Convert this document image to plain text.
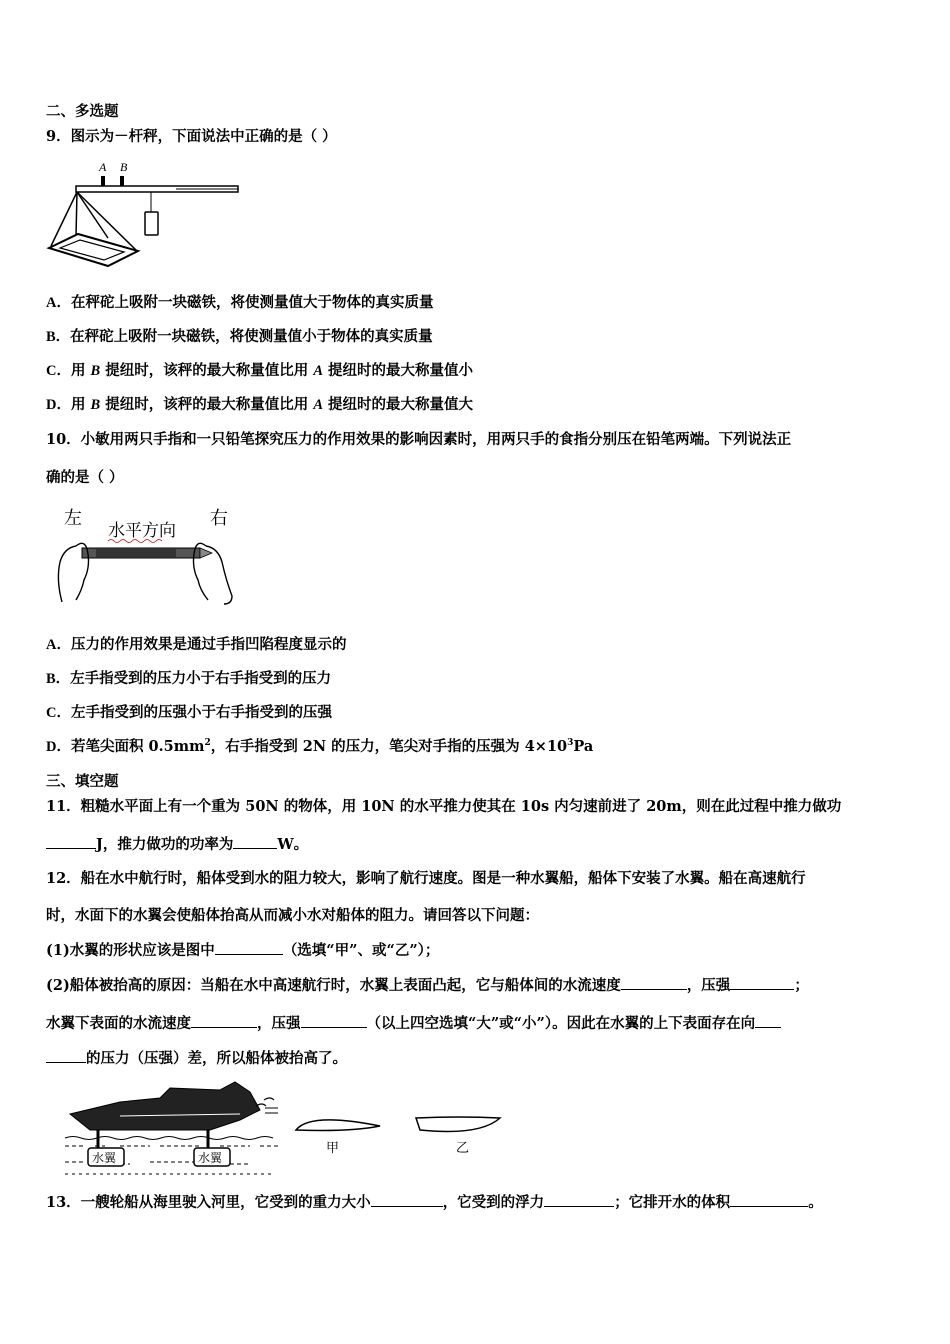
二、多选题
9．图示为－杆秤，下面说法中正确的是（ ）
A B
A．在秤砣上吸附一块磁铁，将使测量值大于物体的真实质量
B．在秤砣上吸附一块磁铁，将使测量值小于物体的真实质量
C．用 B 提纽时，该秤的最大称量值比用 A 提纽时的最大称量值小
D．用 B 提纽时，该秤的最大称量值比用 A 提纽时的最大称量值大
10．小敏用两只手指和一只铅笔探究压力的作用效果的影响因素时，用两只手的食指分别压在铅笔两端。下列说法正
确的是（ ）
左	右
水平方向
A．压力的作用效果是通过手指凹陷程度显示的
B．左手指受到的压力小于右手指受到的压力
C．左手指受到的压强小于右手指受到的压强
D．若笔尖面积 $0.5mm^2$，右手指受到 2N 的压力，笔尖对手指的压强为 $4\times 10^3Pa$
三、填空题
11．粗糙水平面上有一个重为 50N 的物体，用 10N 的水平推力使其在 10s 内匀速前进了 20m，则在此过程中推力做功
J，推力做功的功率为	W。
12．船在水中航行时，船体受到水的阻力较大，影响了航行速度。图是一种水翼船，船体下安装了水翼。船在高速航行
时，水面下的水翼会使船体抬高从而减小水对船体的阻力。请回答以下问题：
(1)水翼的形状应该是图中	（选填“甲”、或“乙”）；
(2)船体被抬高的原因：当船在水中高速航行时，水翼上表面凸起，它与船体间的水流速度	，压强	；
水翼下表面的水流速度	，压强	（以上四空选填“大”或“小”）。因此在水翼的上下表面存在向
的压力（压强）差，所以船体被抬高了。
水翼	水翼
甲	乙
13．一艘轮船从海里驶入河里，它受到的重力大小	，它受到的浮力	；它排开水的体积	。
